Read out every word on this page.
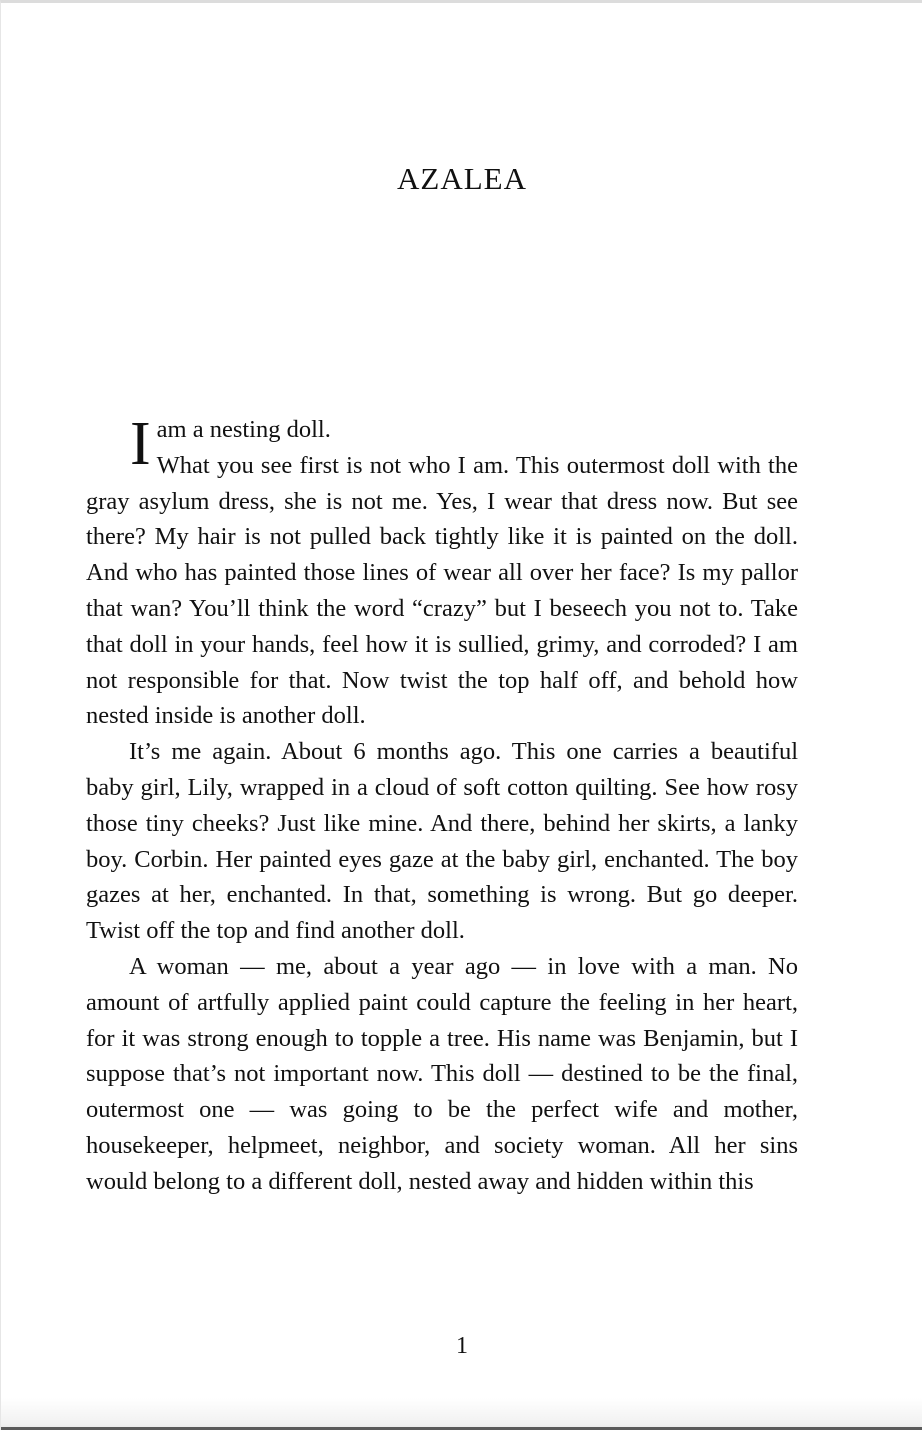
AZALEA

Iam a nesting doll.
What you see first is not who I am. This outermost doll with the gray asylum dress, she is not me. Yes, I wear that dress now. But see there? My hair is not pulled back tightly like it is painted on the doll. And who has painted those lines of wear all over her face? Is my pallor that wan? You’ll think the word “crazy” but I beseech you not to. Take that doll in your hands, feel how it is sullied, grimy, and corroded? I am not responsible for that. Now twist the top half off, and behold how nested inside is another doll.

It’s me again. About 6 months ago. This one carries a beautiful baby girl, Lily, wrapped in a cloud of soft cotton quilting. See how rosy those tiny cheeks? Just like mine. And there, behind her skirts, a lanky boy. Corbin. Her painted eyes gaze at the baby girl, enchanted. The boy gazes at her, enchanted. In that, something is wrong. But go deeper. Twist off the top and find another doll.

A woman — me, about a year ago — in love with a man. No amount of artfully applied paint could capture the feeling in her heart, for it was strong enough to topple a tree. His name was Benjamin, but I suppose that’s not important now. This doll — destined to be the final, outermost one — was going to be the perfect wife and mother, housekeeper, helpmeet, neighbor, and society woman. All her sins would belong to a different doll, nested away and hidden within this

1
